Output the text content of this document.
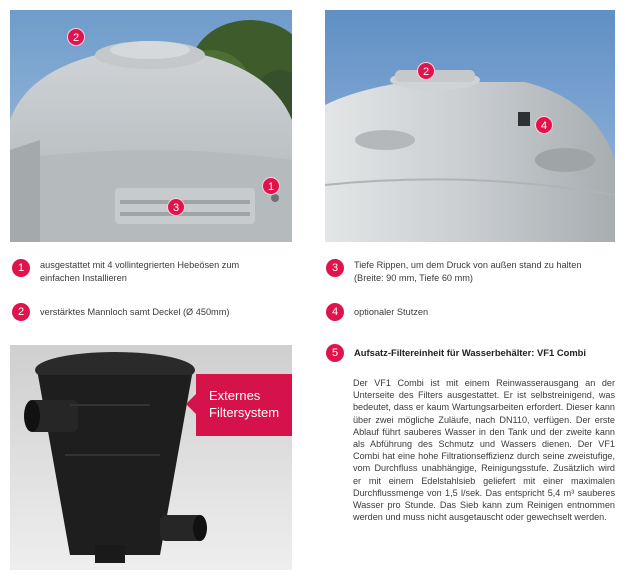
2
1
3
2
4
Externes
Filtersystem
1	ausgestattet mit 4 vollintegrierten Hebeösen zum einfachen Installieren
2	verstärktes Mannloch samt Deckel (Ø 450mm)
3	Tiefe Rippen, um dem Druck von außen stand zu halten (Breite: 90 mm, Tiefe 60 mm)
4	optionaler Stutzen
5	Aufsatz-Filtereinheit für Wasserbehälter: VF1 Combi
Der VF1 Combi ist mit einem Reinwasserausgang an der Unterseite des Filters ausgestattet. Er ist selbstreinigend, was bedeutet, dass er kaum Wartungsarbeiten erfordert. Dieser kann über zwei mögliche Zuläufe, nach DN110, verfügen. Der erste Ablauf führt sauberes Wasser in den Tank und der zweite kann als Abführung des Schmutz und Wassers dienen. Der VF1 Combi hat eine hohe Filtrationseffizienz durch seine zweistufige, vom Durchfluss unabhängige, Reinigungsstufe. Zusätzlich wird er mit einem Edelstahlsieb geliefert mit einer maximalen Durchflussmenge von 1,5 l/sek. Das entspricht 5,4 m³ sauberes Wasser pro Stunde. Das Sieb kann zum Reinigen entnommen werden und muss nicht ausgetauscht oder gewechselt werden.
